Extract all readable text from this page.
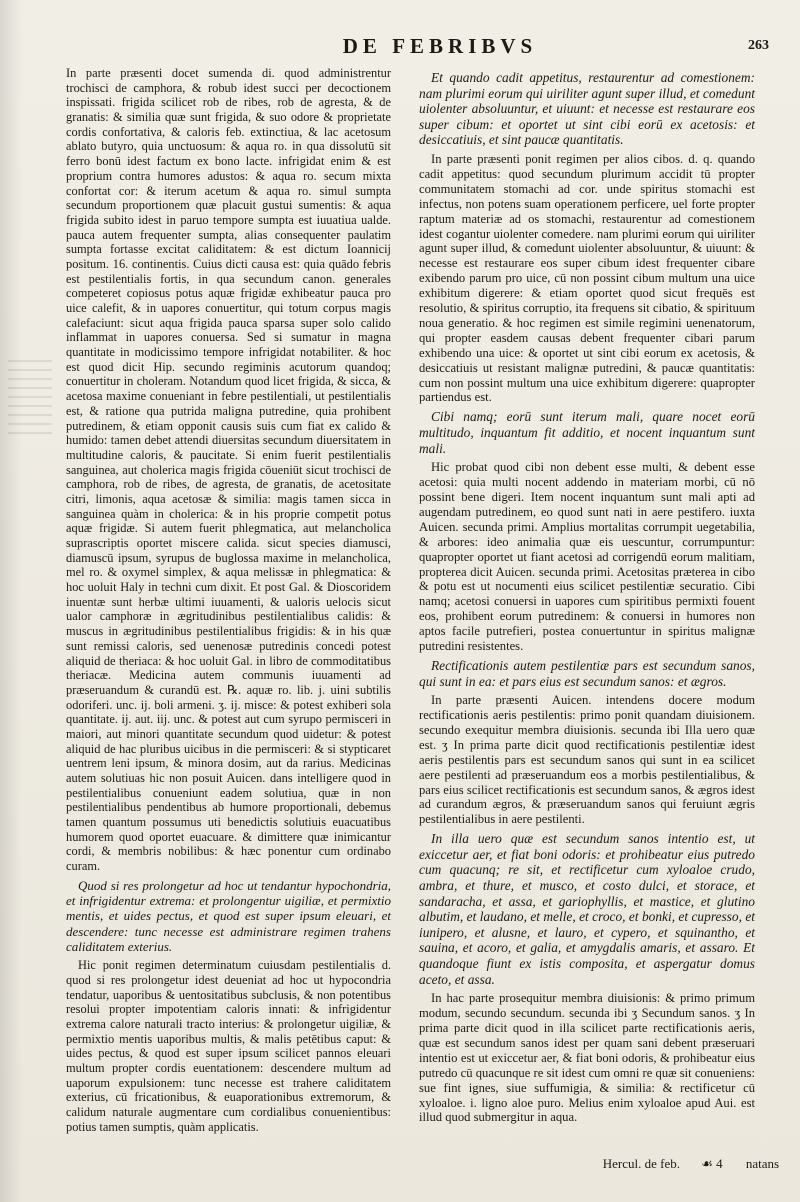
DE FEBRIBVS	263

In parte præsenti docet sumenda di. quod administrentur trochisci de camphora, & robub idest succi per decoctionem inspissati. frigida scilicet rob de ribes, rob de agresta, & de granatis: & similia quæ sunt frigida, & suo odore & proprietate cordis confortativa, & caloris feb. extinctiua, & lac acetosum ablato butyro, quia unctuosum: & aqua ro. in qua dissolutū sit ferro bonū idest factum ex bono lacte. infrigidat enim & est proprium contra humores adustos: & aqua ro. secum mixta confortat cor: & iterum acetum & aqua ro. simul sumpta secundum proportionem quæ placuit gustui sumentis: & aqua frigida subito idest in paruo tempore sumpta est iuuatiua ualde. pauca autem frequenter sumpta, alias consequenter paulatim sumpta fortasse excitat caliditatem: & est dictum Ioannicij positum. 16. continentis. Cuius dicti causa est: quia quādo febris est pestilentialis fortis, in qua secundum canon. generales competeret copiosus potus aquæ frigidæ exhibeatur pauca pro uice calefit, & in uapores conuertitur, qui totum corpus magis calefaciunt: sicut aqua frigida pauca sparsa super solo calido inflammat in uapores conuersa. Sed si sumatur in magna quantitate in modicissimo tempore infrigidat notabiliter. & hoc est quod dicit Hip. secundo regiminis acutorum quandoq; conuertitur in choleram. Notandum quod licet frigida, & sicca, & acetosa maxime conueniant in febre pestilentiali, ut pestilentialis est, & ratione qua putrida maligna putredine, quia prohibent putredinem, & etiam opponit causis suis cum fiat ex calido & humido: tamen debet attendi diuersitas secundum diuersitatem in multitudine caloris, & paucitate. Si enim fuerit pestilentialis sanguinea, aut cholerica magis frigida cōueniūt sicut trochisci de camphora, rob de ribes, de agresta, de granatis, de acetositate citri, limonis, aqua acetosæ & similia: magis tamen sicca in sanguinea quàm in cholerica: & in his proprie competit potus aquæ frigidæ. Si autem fuerit phlegmatica, aut melancholica suprascriptis oportet miscere calida. sicut species diamusci, diamuscū ipsum, syrupus de buglossa maxime in melancholica, mel ro. & oxymel simplex, & aqua melissæ in phlegmatica: & hoc uoluit Haly in techni cum dixit. Et post Gal. & Dioscoridem inuentæ sunt herbæ ultimi iuuamenti, & ualoris uelocis sicut ualor camphoræ in ægritudinibus pestilentialibus calidis: & muscus in ægritudinibus pestilentialibus frigidis: & in his quæ sunt remissi caloris, sed uenenosæ putredinis concedi potest aliquid de theriaca: & hoc uoluit Gal. in libro de commoditatibus theriacæ. Medicina autem communis iuuamenti ad præseruandum & curandū est. ℞. aquæ ro. lib. j. uini subtilis odoriferi. unc. ij. boli armeni. ʒ. ij. misce: & potest exhiberi sola quantitate. ij. aut. iij. unc. & potest aut cum syrupo permisceri in maiori, aut minori quantitate secundum quod uidetur: & potest aliquid de hac pluribus uicibus in die permisceri: & si stypticaret uentrem leni ipsum, & minora dosim, aut da rarius. Medicinas autem solutiuas hic non posuit Auicen. dans intelligere quod in pestilentialibus conueniunt eadem solutiua, quæ in non pestilentialibus pendentibus ab humore proportionali, debemus tamen quantum possumus uti benedictis solutiuis euacuatibus humorem quod oportet euacuare. & dimittere quæ inimicantur cordi, & membris nobilibus: & hæc ponentur cum ordinabo curam.

Quod si res prolongetur ad hoc ut tendantur hypochondria, et infrigidentur extrema: et prolongentur uigiliæ, et permixtio mentis, et uides pectus, et quod est super ipsum eleuari, et descendere: tunc necesse est administrare regimen trahens caliditatem exterius.

Hic ponit regimen determinatum cuiusdam pestilentialis d. quod si res prolongetur idest deueniat ad hoc ut hypocondria tendatur, uaporibus & uentositatibus subclusis, & non potentibus resolui propter impotentiam caloris innati: & infrigidentur extrema calore naturali tracto interius: & prolongetur uigiliæ, & permixtio mentis uaporibus multis, & malis petētibus caput: & uides pectus, & quod est super ipsum scilicet pannos eleuari multum propter cordis euentationem: descendere multum ad uaporum expulsionem: tunc necesse est trahere caliditatem exterius, cū fricationibus, & euaporationibus extremorum, & calidum naturale augmentare cum cordialibus conuenientibus: potius tamen sumptis, quàm applicatis.

Et quando cadit appetitus, restaurentur ad comestionem: nam plurimi eorum qui uiriliter agunt super illud, et comedunt uiolenter absoluuntur, et uiuunt: et necesse est restaurare eos super cibum: et oportet ut sint cibi eorū ex acetosis: et desiccatiuis, et sint paucæ quantitatis.

In parte præsenti ponit regimen per alios cibos. d. q. quando cadit appetitus: quod secundum plurimum accidit tū propter communitatem stomachi ad cor. unde spiritus stomachi est infectus, non potens suam operationem perficere, uel forte propter raptum materiæ ad os stomachi, restaurentur ad comestionem idest cogantur uiolenter comedere. nam plurimi eorum qui uiriliter agunt super illud, & comedunt uiolenter absoluuntur, & uiuunt: & necesse est restaurare eos super cibum idest frequenter cibare exibendo parum pro uice, cū non possint cibum multum una uice exhibitum digerere: & etiam oportet quod sicut frequēs est resolutio, & spiritus corruptio, ita frequens sit cibatio, & spirituum noua generatio. & hoc regimen est simile regimini uenenatorum, qui propter easdem causas debent frequenter cibari parum exhibendo una uice: & oportet ut sint cibi eorum ex acetosis, & desiccatiuis ut resistant malignæ putredini, & paucæ quantitatis: cum non possint multum una uice exhibitum digerere: quapropter partiendus est.

Cibi namq; eorū sunt iterum mali, quare nocet eorū multitudo, inquantum fit additio, et nocent inquantum sunt mali.

Hic probat quod cibi non debent esse multi, & debent esse acetosi: quia multi nocent addendo in materiam morbi, cū nō possint bene digeri. Item nocent inquantum sunt mali apti ad augendam putredinem, eo quod sunt nati in aere pestifero. iuxta Auicen. secunda primi. Amplius mortalitas corrumpit uegetabilia, & arbores: ideo animalia quæ eis uescuntur, corrumpuntur: quapropter oportet ut fiant acetosi ad corrigendū eorum malitiam, propterea dicit Auicen. secunda primi. Acetositas præterea in cibo & potu est ut nocumenti eius scilicet pestilentiæ securatio. Cibi namq; acetosi conuersi in uapores cum spiritibus permixti fouent eos, prohibent eorum putredinem: & conuersi in humores non aptos facile putrefieri, postea conuertuntur in spiritus malignæ putredini resistentes.

Rectificationis autem pestilentiæ pars est secundum sanos, qui sunt in ea: et pars eius est secundum sanos: et ægros.

In parte præsenti Auicen. intendens docere modum rectificationis aeris pestilentis: primo ponit quandam diuisionem. secundo exequitur membra diuisionis. secunda ibi Illa uero quæ est. ʒ In prima parte dicit quod rectificationis pestilentiæ idest aeris pestilentis pars est secundum sanos qui sunt in ea scilicet aere pestilenti ad præseruandum eos a morbis pestilentialibus, & pars eius scilicet rectificationis est secundum sanos, & ægros idest ad curandum ægros, & præseruandum sanos qui feruiunt ægris pestilentialibus in aere pestilenti.

In illa uero quæ est secundum sanos intentio est, ut exiccetur aer, et fiat boni odoris: et prohibeatur eius putredo cum quacunq; re sit, et rectificetur cum xyloaloe crudo, ambra, et thure, et musco, et costo dulci, et storace, et sandaracha, et assa, et gariophyllis, et mastice, et glutino albutim, et laudano, et melle, et croco, et bonki, et cupresso, et iunipero, et alusne, et lauro, et cypero, et squinantho, et sauina, et acoro, et galia, et amygdalis amaris, et assaro. Et quandoque fiunt ex istis composita, et aspergatur domus aceto, et assa.

In hac parte prosequitur membra diuisionis: & primo primum modum, secundo secundum. secunda ibi ʒ Secundum sanos. ʒ In prima parte dicit quod in illa scilicet parte rectificationis aeris, quæ est secundum sanos idest per quam sani debent præseruari intentio est ut exiccetur aer, & fiat boni odoris, & prohibeatur eius putredo cū quacunque re sit idest cum omni re quæ sit conueniens: sue fint ignes, siue suffumigia, & similia: & rectificetur cū xyloaloe. i. ligno aloe puro. Melius enim xyloaloe apud Aui. est illud quod submergitur in aqua.

Hercul. de feb. ☙ 4 natans
